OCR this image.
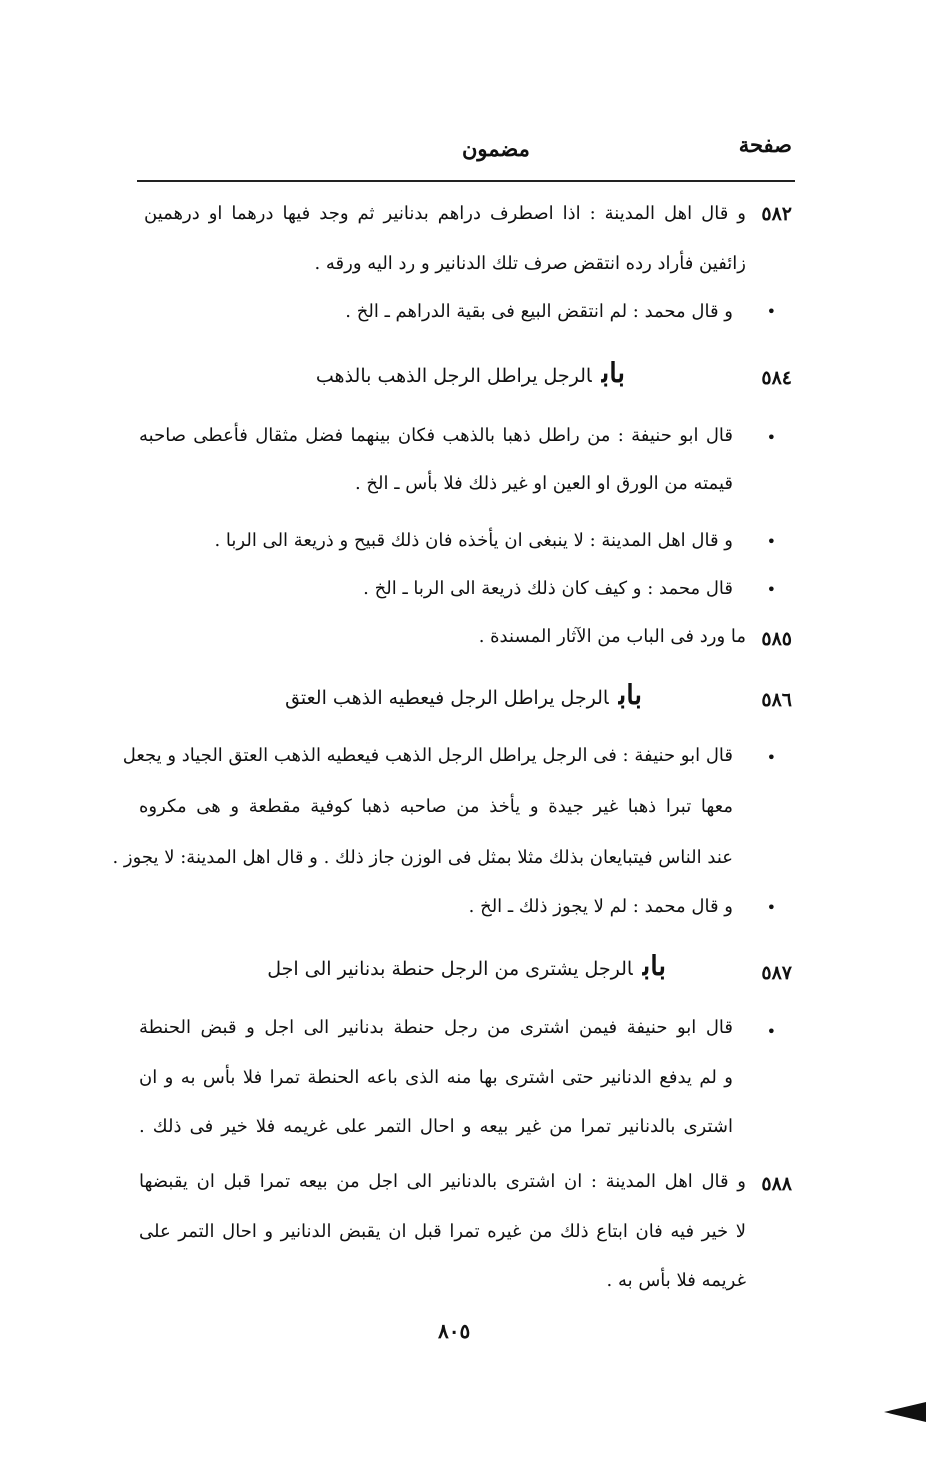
صفحة
مضمون
٥٨٢
و قال اهل المدينة : اذا اصطرف دراهم بدنانير ثم وجد فيها درهما او درهمين
زائفين فأراد رده انتقض صرف تلك الدنانير و رد اليه ورقه .
•
و قال محمد : لم انتقض البيع فى بقية الدراهم ـ الخ .
٥٨٤
بابالرجل يراطل الرجل الذهب بالذهب
•
قال ابو حنيفة : من راطل ذهبا بالذهب فكان بينهما فضل مثقال فأعطى صاحبه
قيمته من الورق او العين او غير ذلك فلا بأس ـ الخ .
•
و قال اهل المدينة : لا ينبغى ان يأخذه فان ذلك قبيح و ذريعة الى الربا .
•
قال محمد : و كيف كان ذلك ذريعة الى الربا ـ الخ .
٥٨٥
ما ورد فى الباب من الآثار المسندة .
٥٨٦
بابالرجل يراطل الرجل فيعطيه الذهب العتق
•
قال ابو حنيفة : فى الرجل يراطل الرجل الذهب فيعطيه الذهب العتق الجياد و يجعل
معها تبرا ذهبا غير جيدة و يأخذ من صاحبه ذهبا كوفية مقطعة و هى مكروه
عند الناس فيتبايعان بذلك مثلا بمثل فى الوزن جاز ذلك . و قال اهل المدينة: لا يجوز .
•
و قال محمد : لم لا يجوز ذلك ـ الخ .
٥٨٧
بابالرجل يشترى من الرجل حنطة بدنانير الى اجل
•
قال ابو حنيفة فيمن اشترى من رجل حنطة بدنانير الى اجل و قبض الحنطة
و لم يدفع الدنانير حتى اشترى بها منه الذى باعه الحنطة تمرا فلا بأس به و ان
اشترى بالدنانير تمرا من غير بيعه و احال التمر على غريمه فلا خير فى ذلك .
٥٨٨
و قال اهل المدينة : ان اشترى بالدنانير الى اجل من بيعه تمرا قبل ان يقبضها
لا خير فيه فان ابتاع ذلك من غيره تمرا قبل ان يقبض الدنانير و احال التمر على
غريمه فلا بأس به .
٨٠٥
